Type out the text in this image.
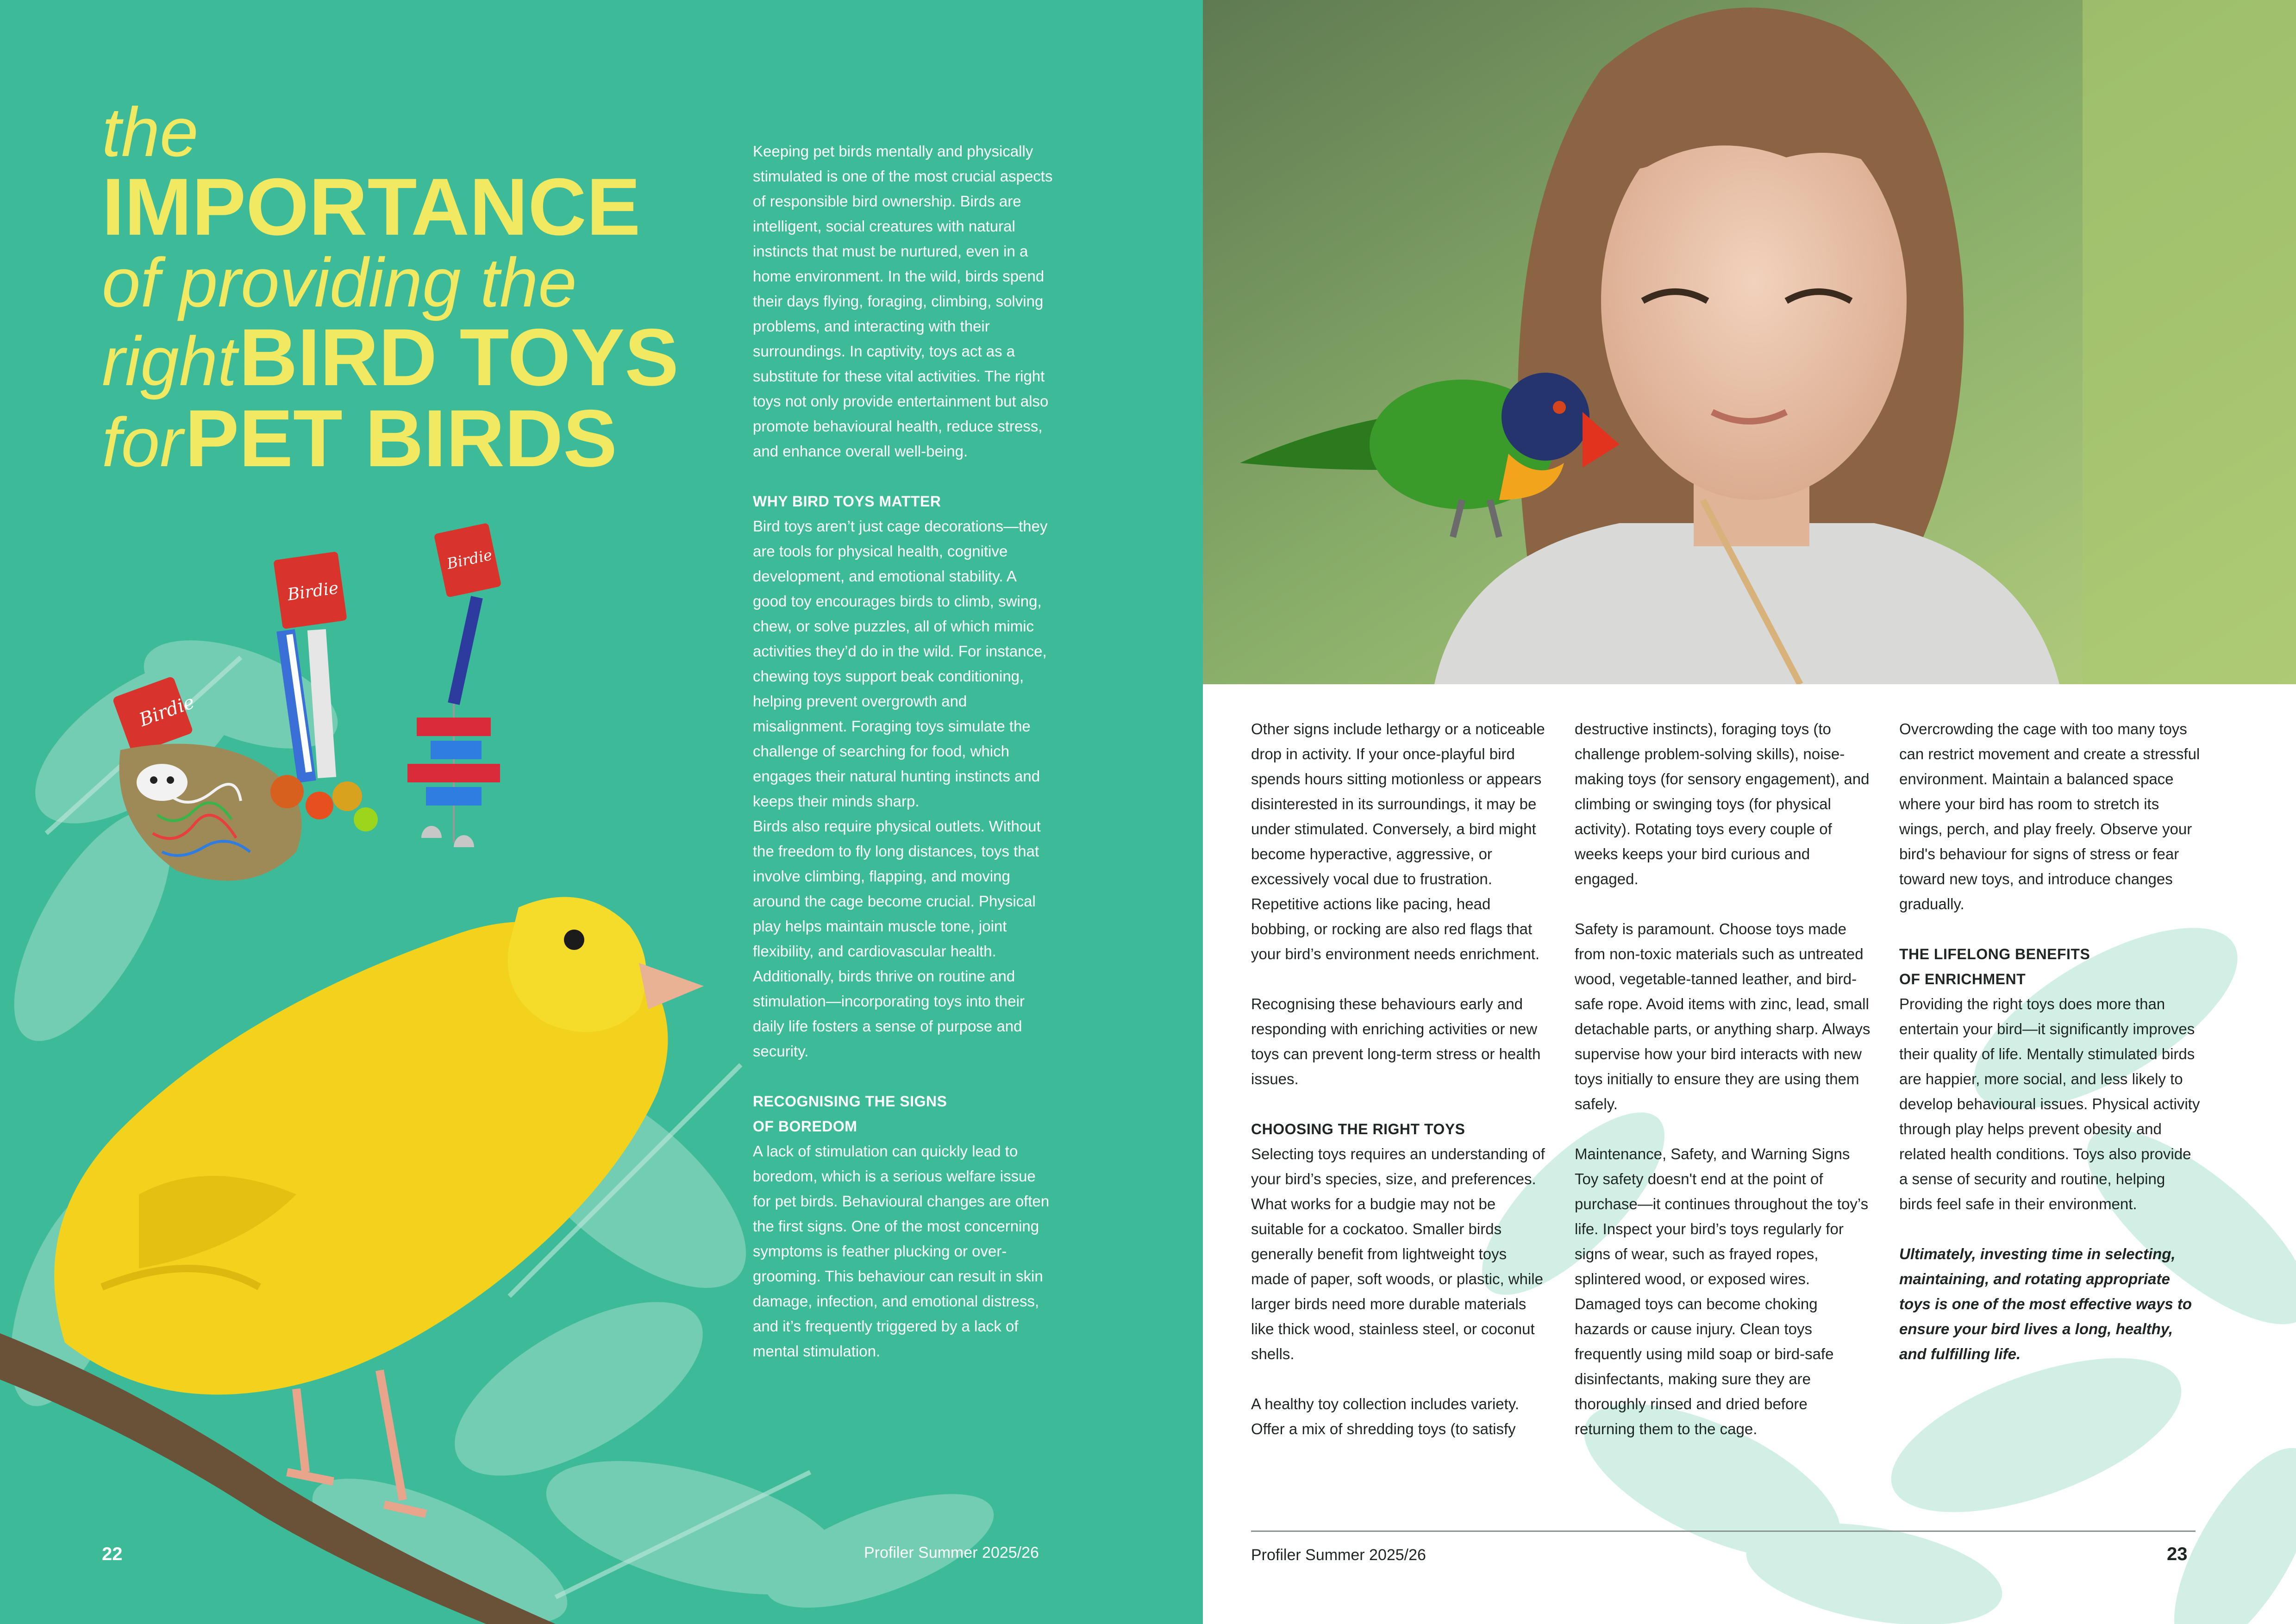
the
IMPORTANCE
of providing the
right BIRD TOYS
for PET BIRDS
Birdie
Birdie
Birdie

Keeping pet birds mentally and physically stimulated is one of the most crucial aspects of responsible bird ownership. Birds are intelligent, social creatures with natural instincts that must be nurtured, even in a home environment. In the wild, birds spend their days flying, foraging, climbing, solving problems, and interacting with their surroundings. In captivity, toys act as a substitute for these vital activities. The right toys not only provide entertainment but also promote behavioural health, reduce stress, and enhance overall well-being.

WHY BIRD TOYS MATTER

Bird toys aren’t just cage decorations—they are tools for physical health, cognitive development, and emotional stability. A good toy encourages birds to climb, swing, chew, or solve puzzles, all of which mimic activities they’d do in the wild. For instance, chewing toys support beak conditioning, helping prevent overgrowth and misalignment. Foraging toys simulate the challenge of searching for food, which engages their natural hunting instincts and keeps their minds sharp.

Birds also require physical outlets. Without the freedom to fly long distances, toys that involve climbing, flapping, and moving around the cage become crucial. Physical play helps maintain muscle tone, joint flexibility, and cardiovascular health. Additionally, birds thrive on routine and stimulation—incorporating toys into their daily life fosters a sense of purpose and security.

RECOGNISING THE SIGNS
OF BOREDOM

A lack of stimulation can quickly lead to boredom, which is a serious welfare issue for pet birds. Behavioural changes are often the first signs. One of the most concerning symptoms is feather plucking or over-grooming. This behaviour can result in skin damage, infection, and emotional distress, and it’s frequently triggered by a lack of mental stimulation.

22	Profiler Summer 2025/26

Other signs include lethargy or a noticeable drop in activity. If your once-playful bird spends hours sitting motionless or appears disinterested in its surroundings, it may be under stimulated. Conversely, a bird might become hyperactive, aggressive, or excessively vocal due to frustration. Repetitive actions like pacing, head bobbing, or rocking are also red flags that your bird’s environment needs enrichment.

Recognising these behaviours early and responding with enriching activities or new toys can prevent long-term stress or health issues.

CHOOSING THE RIGHT TOYS

Selecting toys requires an understanding of your bird’s species, size, and preferences. What works for a budgie may not be suitable for a cockatoo. Smaller birds generally benefit from lightweight toys made of paper, soft woods, or plastic, while larger birds need more durable materials like thick wood, stainless steel, or coconut shells.

A healthy toy collection includes variety. Offer a mix of shredding toys (to satisfy

destructive instincts), foraging toys (to challenge problem-solving skills), noise-making toys (for sensory engagement), and climbing or swinging toys (for physical activity). Rotating toys every couple of weeks keeps your bird curious and engaged.

Safety is paramount. Choose toys made from non-toxic materials such as untreated wood, vegetable-tanned leather, and bird-safe rope. Avoid items with zinc, lead, small detachable parts, or anything sharp. Always supervise how your bird interacts with new toys initially to ensure they are using them safely.

Maintenance, Safety, and Warning Signs Toy safety doesn't end at the point of purchase—it continues throughout the toy’s life. Inspect your bird’s toys regularly for signs of wear, such as frayed ropes, splintered wood, or exposed wires. Damaged toys can become choking hazards or cause injury. Clean toys frequently using mild soap or bird-safe disinfectants, making sure they are thoroughly rinsed and dried before returning them to the cage.

Overcrowding the cage with too many toys can restrict movement and create a stressful environment. Maintain a balanced space where your bird has room to stretch its wings, perch, and play freely. Observe your bird's behaviour for signs of stress or fear toward new toys, and introduce changes gradually.

THE LIFELONG BENEFITS
OF ENRICHMENT

Providing the right toys does more than entertain your bird—it significantly improves their quality of life. Mentally stimulated birds are happier, more social, and less likely to develop behavioural issues. Physical activity through play helps prevent obesity and related health conditions. Toys also provide a sense of security and routine, helping birds feel safe in their environment.

Ultimately, investing time in selecting, maintaining, and rotating appropriate toys is one of the most effective ways to ensure your bird lives a long, healthy, and fulfilling life.

Profiler Summer 2025/26	23
